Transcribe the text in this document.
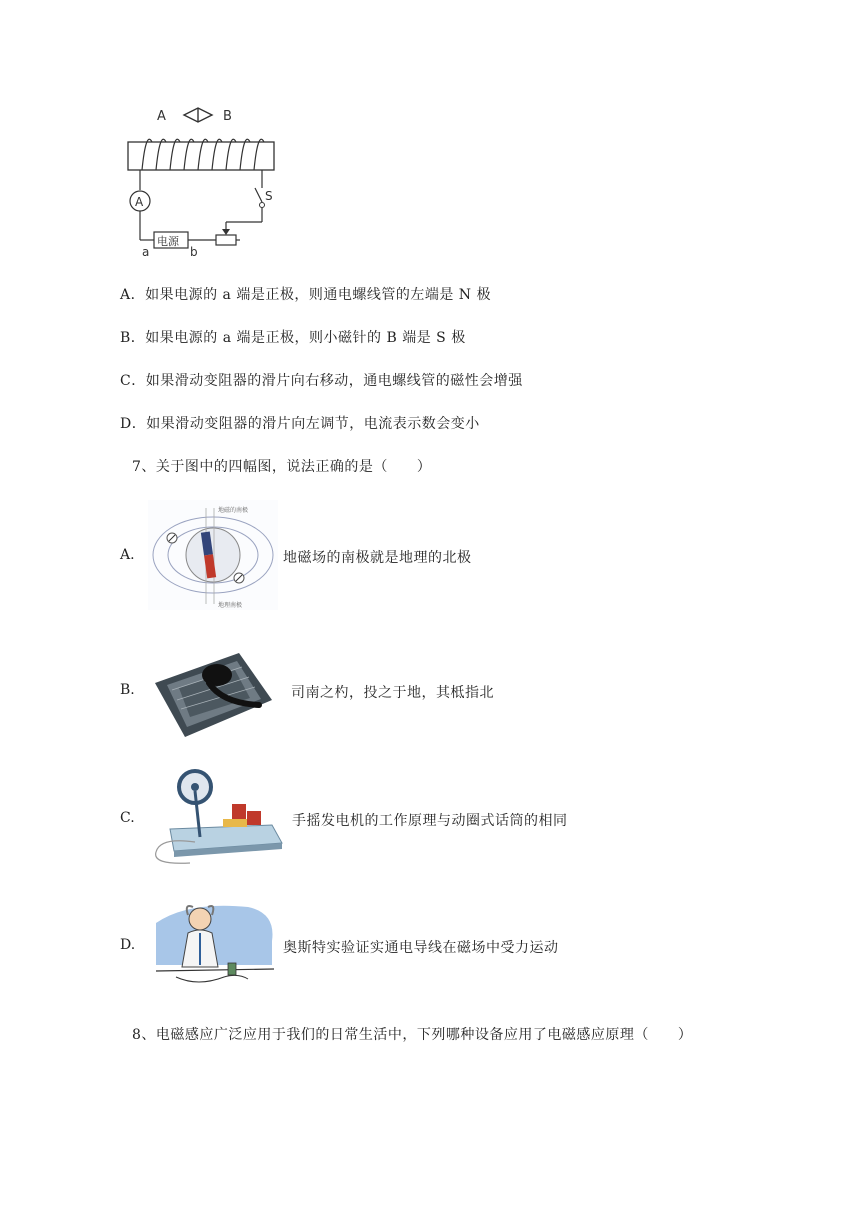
A	B
A
电源
a	b
S
A．如果电源的 a 端是正极，则通电螺线管的左端是 N 极
B．如果电源的 a 端是正极，则小磁针的 B 端是 S 极
C．如果滑动变阻器的滑片向右移动，通电螺线管的磁性会增强
D．如果滑动变阻器的滑片向左调节，电流表示数会变小
7、关于图中的四幅图，说法正确的是（　　）
A.
地磁的南极
地理南极
地磁场的南极就是地理的北极
B.	司南之杓，投之于地，其柢指北
C.	手摇发电机的工作原理与动圈式话筒的相同
D.	奥斯特实验证实通电导线在磁场中受力运动
8、电磁感应广泛应用于我们的日常生活中，下列哪种设备应用了电磁感应原理（　　）
